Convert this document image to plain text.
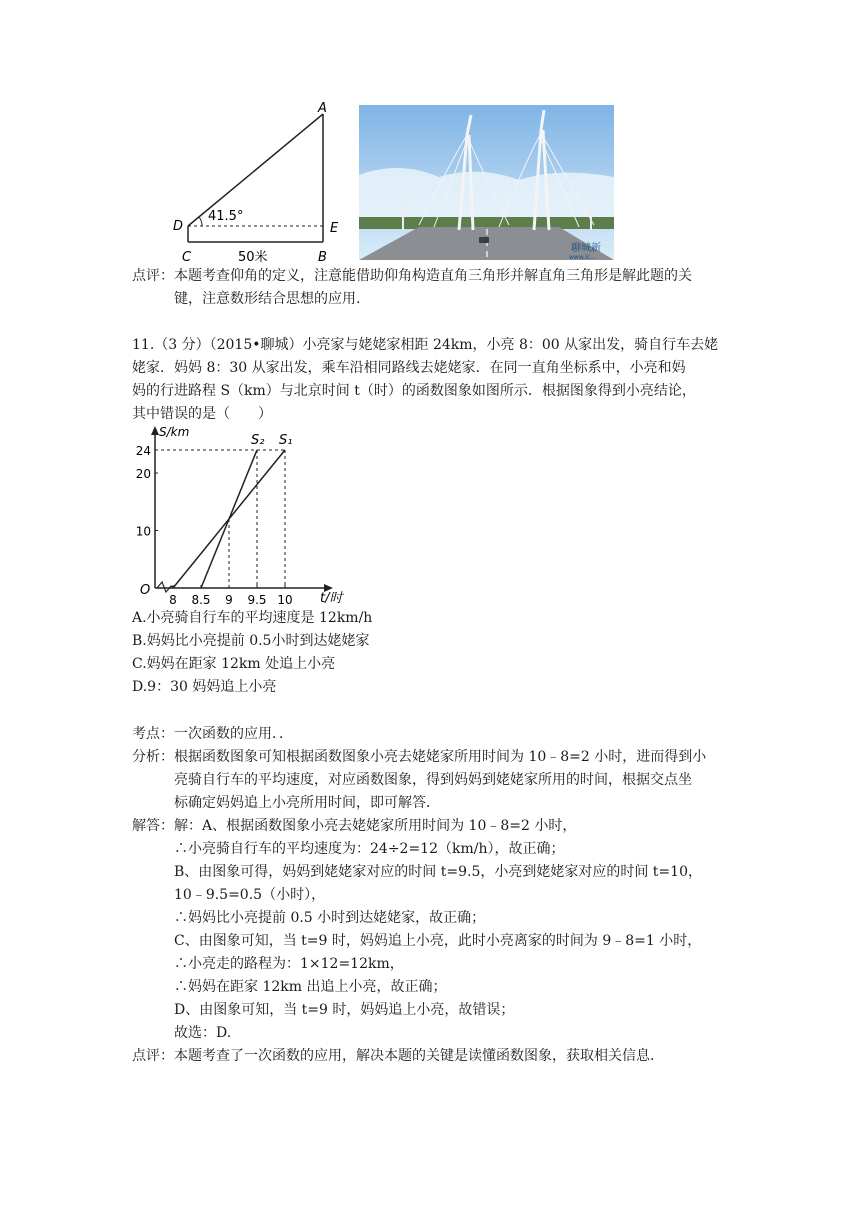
A
D
C	B
E
41.5°
50米
聊城新
www.lc...
点评：本题考查仰角的定义，注意能借助仰角构造直角三角形并解直角三角形是解此题的关
键，注意数形结合思想的应用.
11.（3 分）（2015•聊城）小亮家与姥姥家相距 24km，小亮 8：00 从家出发，骑自行车去姥
姥家．妈妈 8：30 从家出发，乘车沿相同路线去姥姥家．在同一直角坐标系中，小亮和妈
妈的行进路程 S（km）与北京时间 t（时）的函数图象如图所示．根据图象得到小亮结论，
其中错误的是（　　）
O
S/km
t/时
S₁
S₂
8 8.5 9 9.5 10
10
20
24
A.小亮骑自行车的平均速度是 12km/h
B.妈妈比小亮提前 0.5小时到达姥姥家
C.妈妈在距家 12km 处追上小亮
D.9：30 妈妈追上小亮
考点：一次函数的应用．．
分析：根据函数图象可知根据函数图象小亮去姥姥家所用时间为 10﹣8=2 小时，进而得到小
亮骑自行车的平均速度，对应函数图象，得到妈妈到姥姥家所用的时间，根据交点坐
标确定妈妈追上小亮所用时间，即可解答．
解答：解：A、根据函数图象小亮去姥姥家所用时间为 10﹣8=2 小时，
∴小亮骑自行车的平均速度为：24÷2=12（km/h），故正确；
B、由图象可得，妈妈到姥姥家对应的时间 t=9.5，小亮到姥姥家对应的时间 t=10，
10﹣9.5=0.5（小时），
∴妈妈比小亮提前 0.5 小时到达姥姥家，故正确；
C、由图象可知，当 t=9 时，妈妈追上小亮，此时小亮离家的时间为 9﹣8=1 小时，
∴小亮走的路程为：1×12=12km，
∴妈妈在距家 12km 出追上小亮，故正确；
D、由图象可知，当 t=9 时，妈妈追上小亮，故错误；
故选：D.
点评：本题考查了一次函数的应用，解决本题的关键是读懂函数图象，获取相关信息．
